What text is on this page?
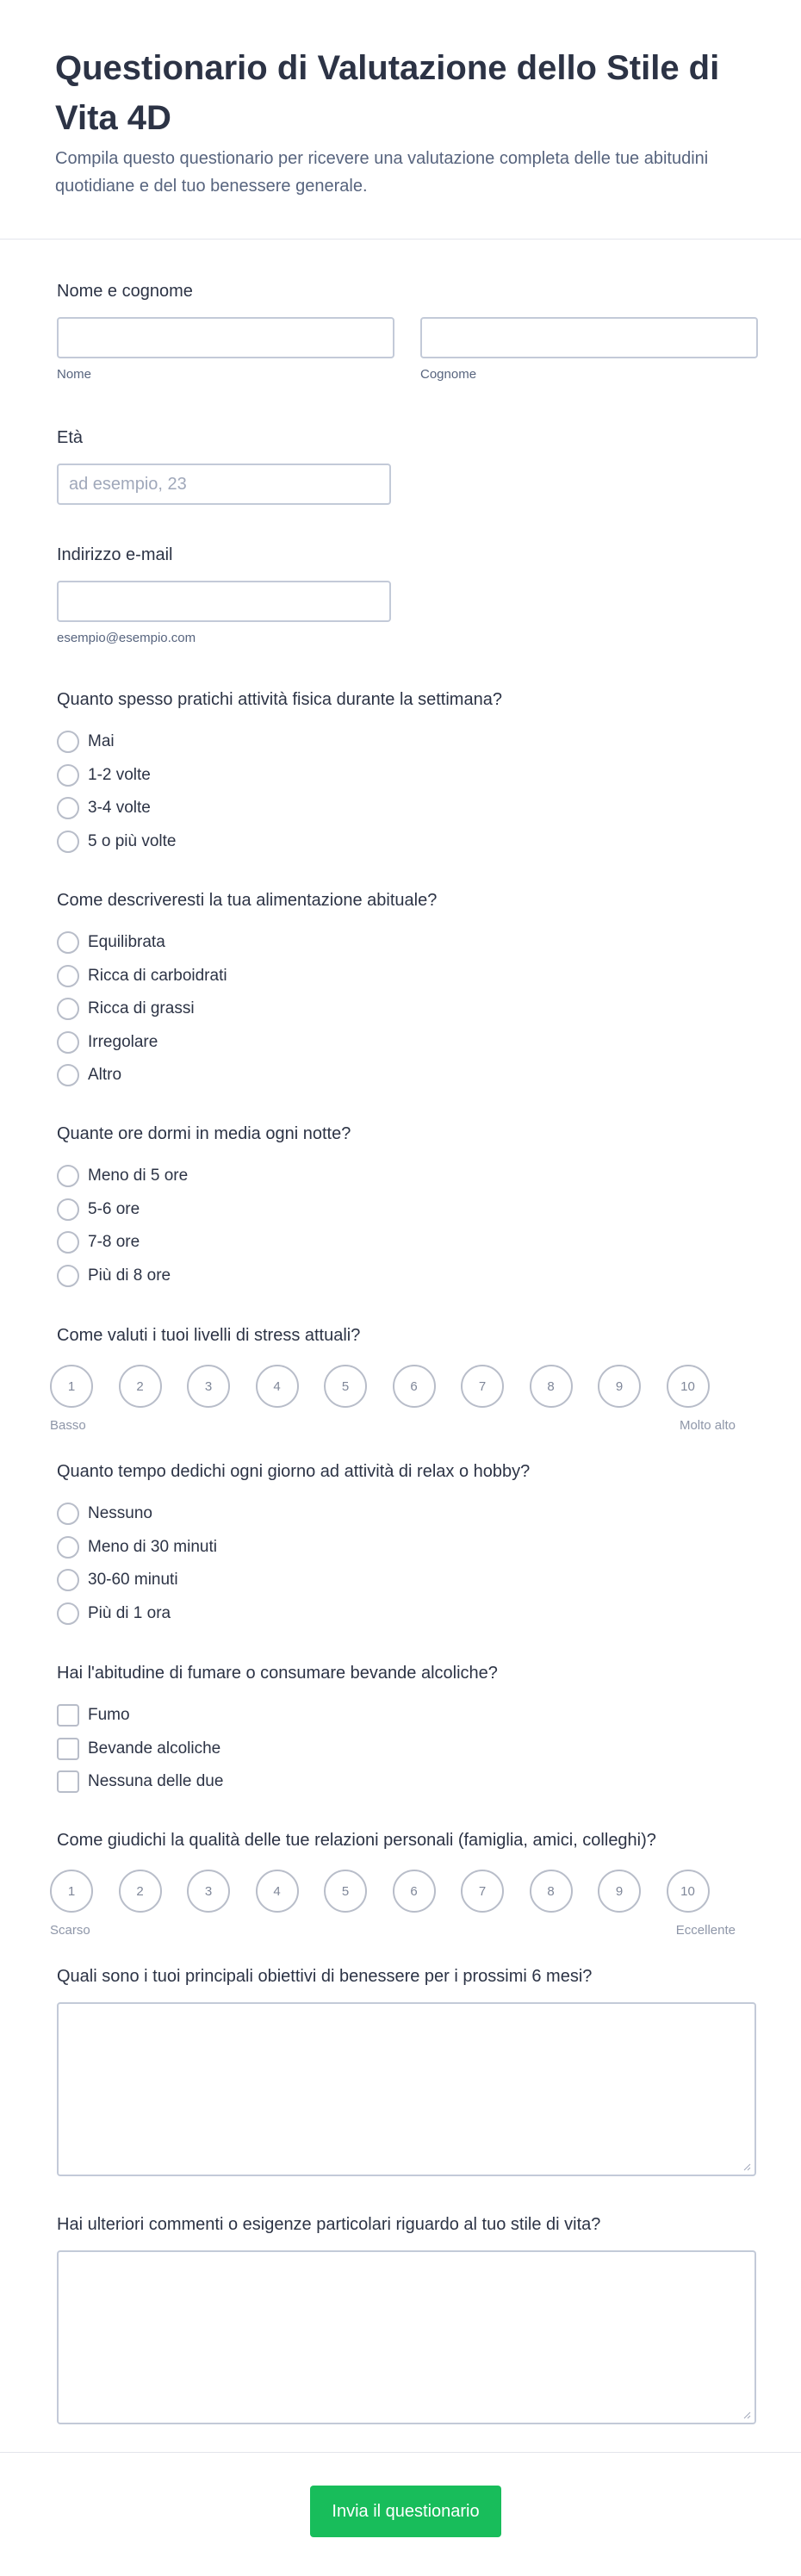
Questionario di Valutazione dello Stile di Vita 4D

Compila questo questionario per ricevere una valutazione completa delle tue abitudini quotidiane e del tuo benessere generale.

Nome e cognome
Nome	Cognome
Età
ad esempio, 23
Indirizzo e-mail
esempio@esempio.com
Quanto spesso pratichi attività fisica durante la settimana?
Mai
1-2 volte
3-4 volte
5 o più volte
Come descriveresti la tua alimentazione abituale?
Equilibrata
Ricca di carboidrati
Ricca di grassi
Irregolare
Altro
Quante ore dormi in media ogni notte?
Meno di 5 ore
5-6 ore
7-8 ore
Più di 8 ore
Come valuti i tuoi livelli di stress attuali?
1	2	3	4	5	6	7	8	9	10
Basso	Molto alto
Quanto tempo dedichi ogni giorno ad attività di relax o hobby?
Nessuno
Meno di 30 minuti
30-60 minuti
Più di 1 ora
Hai l'abitudine di fumare o consumare bevande alcoliche?
Fumo
Bevande alcoliche
Nessuna delle due
Come giudichi la qualità delle tue relazioni personali (famiglia, amici, colleghi)?
1	2	3	4	5	6	7	8	9	10
Scarso	Eccellente
Quali sono i tuoi principali obiettivi di benessere per i prossimi 6 mesi?
Hai ulteriori commenti o esigenze particolari riguardo al tuo stile di vita?
Invia il questionario
